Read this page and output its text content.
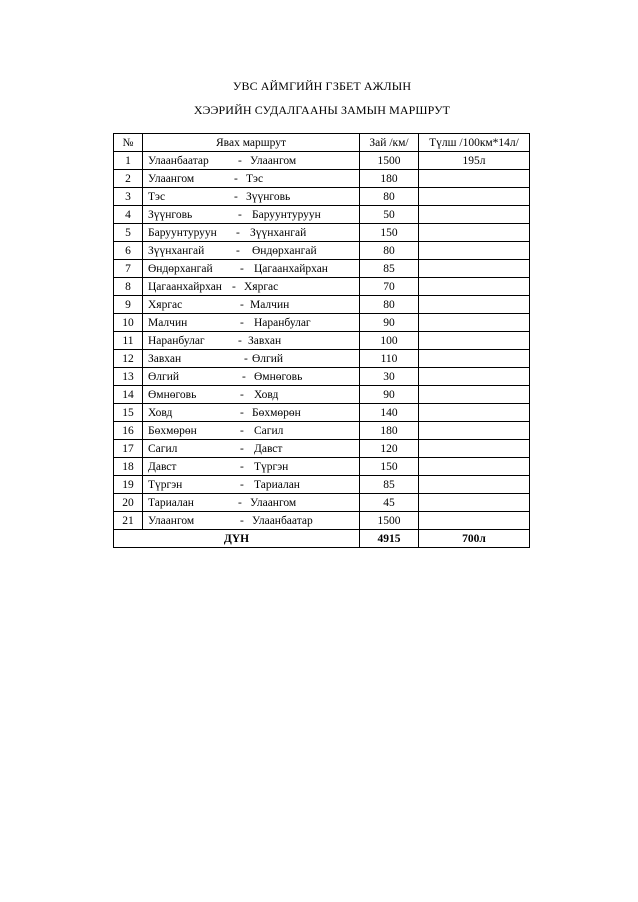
УВС АЙМГИЙН ГЗБЕТ АЖЛЫН
ХЭЭРИЙН СУДАЛГААНЫ ЗАМЫН МАРШРУТ
№	Явах маршрут	Зай /км/	Түлш /100км*14л/
1	Улаанбаатар - Улаангом	1500	195л
2	Улаангом - Тэс	180	
3	Тэс - Зүүнговь	80	
4	Зүүнговь - Баруунтуруун	50	
5	Баруунтуруун - Зүүнхангай	150	
6	Зүүнхангай - Өндөрхангай	80	
7	Өндөрхангай - Цагаанхайрхан	85	
8	Цагаанхайрхан - Хяргас	70	
9	Хяргас - Малчин	80	
10	Малчин - Наранбулаг	90	
11	Наранбулаг - Завхан	100	
12	Завхан - Өлгий	110	
13	Өлгий - Өмнөговь	30	
14	Өмнөговь - Ховд	90	
15	Ховд - Бөхмөрөн	140	
16	Бөхмөрөн - Сагил	180	
17	Сагил - Давст	120	
18	Давст - Түргэн	150	
19	Түргэн - Тариалан	85	
20	Тариалан - Улаангом	45	
21	Улаангом - Улаанбаатар	1500	
ДҮН		4915	700л
